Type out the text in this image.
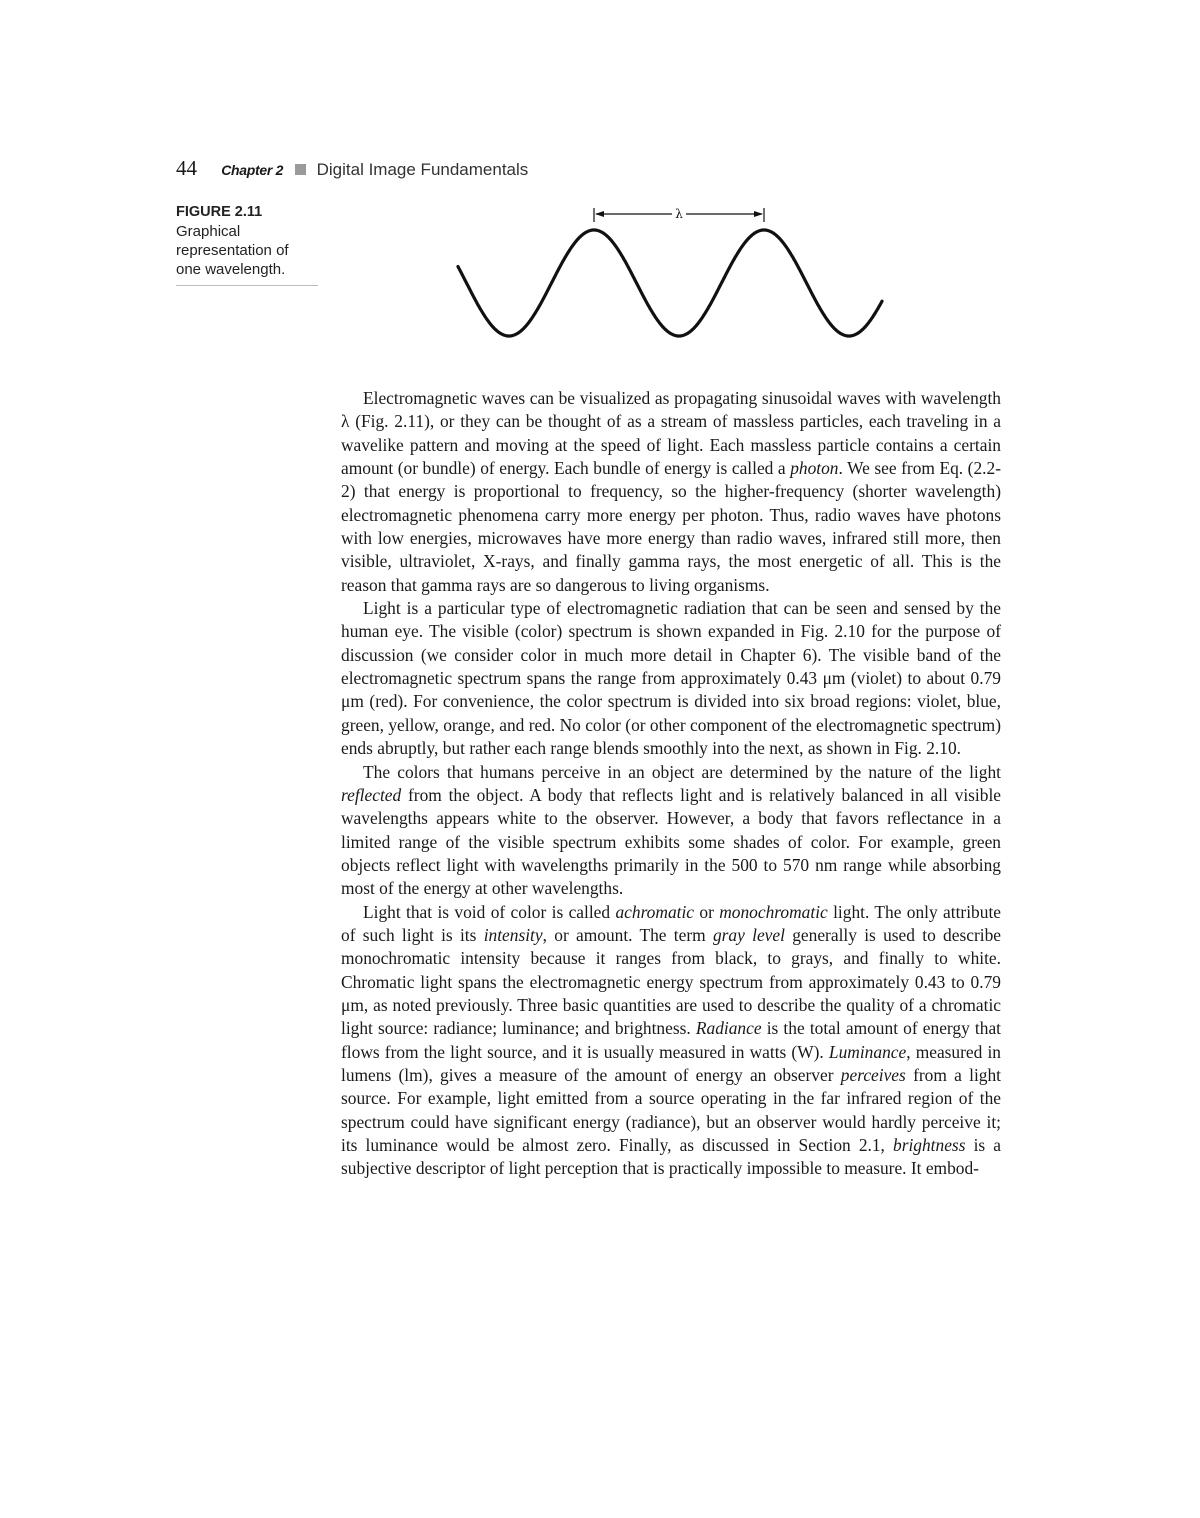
44 Chapter 2 Digital Image Fundamentals
FIGURE 2.11
Graphical
representation of
one wavelength.
λ

Electromagnetic waves can be visualized as propagating sinusoidal waves with wavelength λ (Fig. 2.11), or they can be thought of as a stream of massless particles, each traveling in a wavelike pattern and moving at the speed of light. Each massless particle contains a certain amount (or bundle) of energy. Each bundle of energy is called a photon. We see from Eq. (2.2-2) that energy is proportional to frequency, so the higher-frequency (shorter wavelength) electromagnetic phenomena carry more energy per photon. Thus, radio waves have photons with low energies, microwaves have more energy than radio waves, infrared still more, then visible, ultraviolet, X-rays, and finally gamma rays, the most energetic of all. This is the reason that gamma rays are so dangerous to living organisms.

Light is a particular type of electromagnetic radiation that can be seen and sensed by the human eye. The visible (color) spectrum is shown expanded in Fig. 2.10 for the purpose of discussion (we consider color in much more detail in Chapter 6). The visible band of the electromagnetic spectrum spans the range from approximately 0.43 μm (violet) to about 0.79 μm (red). For convenience, the color spectrum is divided into six broad regions: violet, blue, green, yellow, orange, and red. No color (or other component of the electromagnetic spectrum) ends abruptly, but rather each range blends smoothly into the next, as shown in Fig. 2.10.

The colors that humans perceive in an object are determined by the nature of the light reflected from the object. A body that reflects light and is relatively balanced in all visible wavelengths appears white to the observer. However, a body that favors reflectance in a limited range of the visible spectrum exhibits some shades of color. For example, green objects reflect light with wavelengths primarily in the 500 to 570 nm range while absorbing most of the energy at other wavelengths.

Light that is void of color is called achromatic or monochromatic light. The only attribute of such light is its intensity, or amount. The term gray level generally is used to describe monochromatic intensity because it ranges from black, to grays, and finally to white. Chromatic light spans the electromagnetic energy spectrum from approximately 0.43 to 0.79 μm, as noted previously. Three basic quantities are used to describe the quality of a chromatic light source: radiance; luminance; and brightness. Radiance is the total amount of energy that flows from the light source, and it is usually measured in watts (W). Luminance, measured in lumens (lm), gives a measure of the amount of energy an observer perceives from a light source. For example, light emitted from a source operating in the far infrared region of the spectrum could have significant energy (radiance), but an observer would hardly perceive it; its luminance would be almost zero. Finally, as discussed in Section 2.1, brightness is a subjective descriptor of light perception that is practically impossible to measure. It embod-
